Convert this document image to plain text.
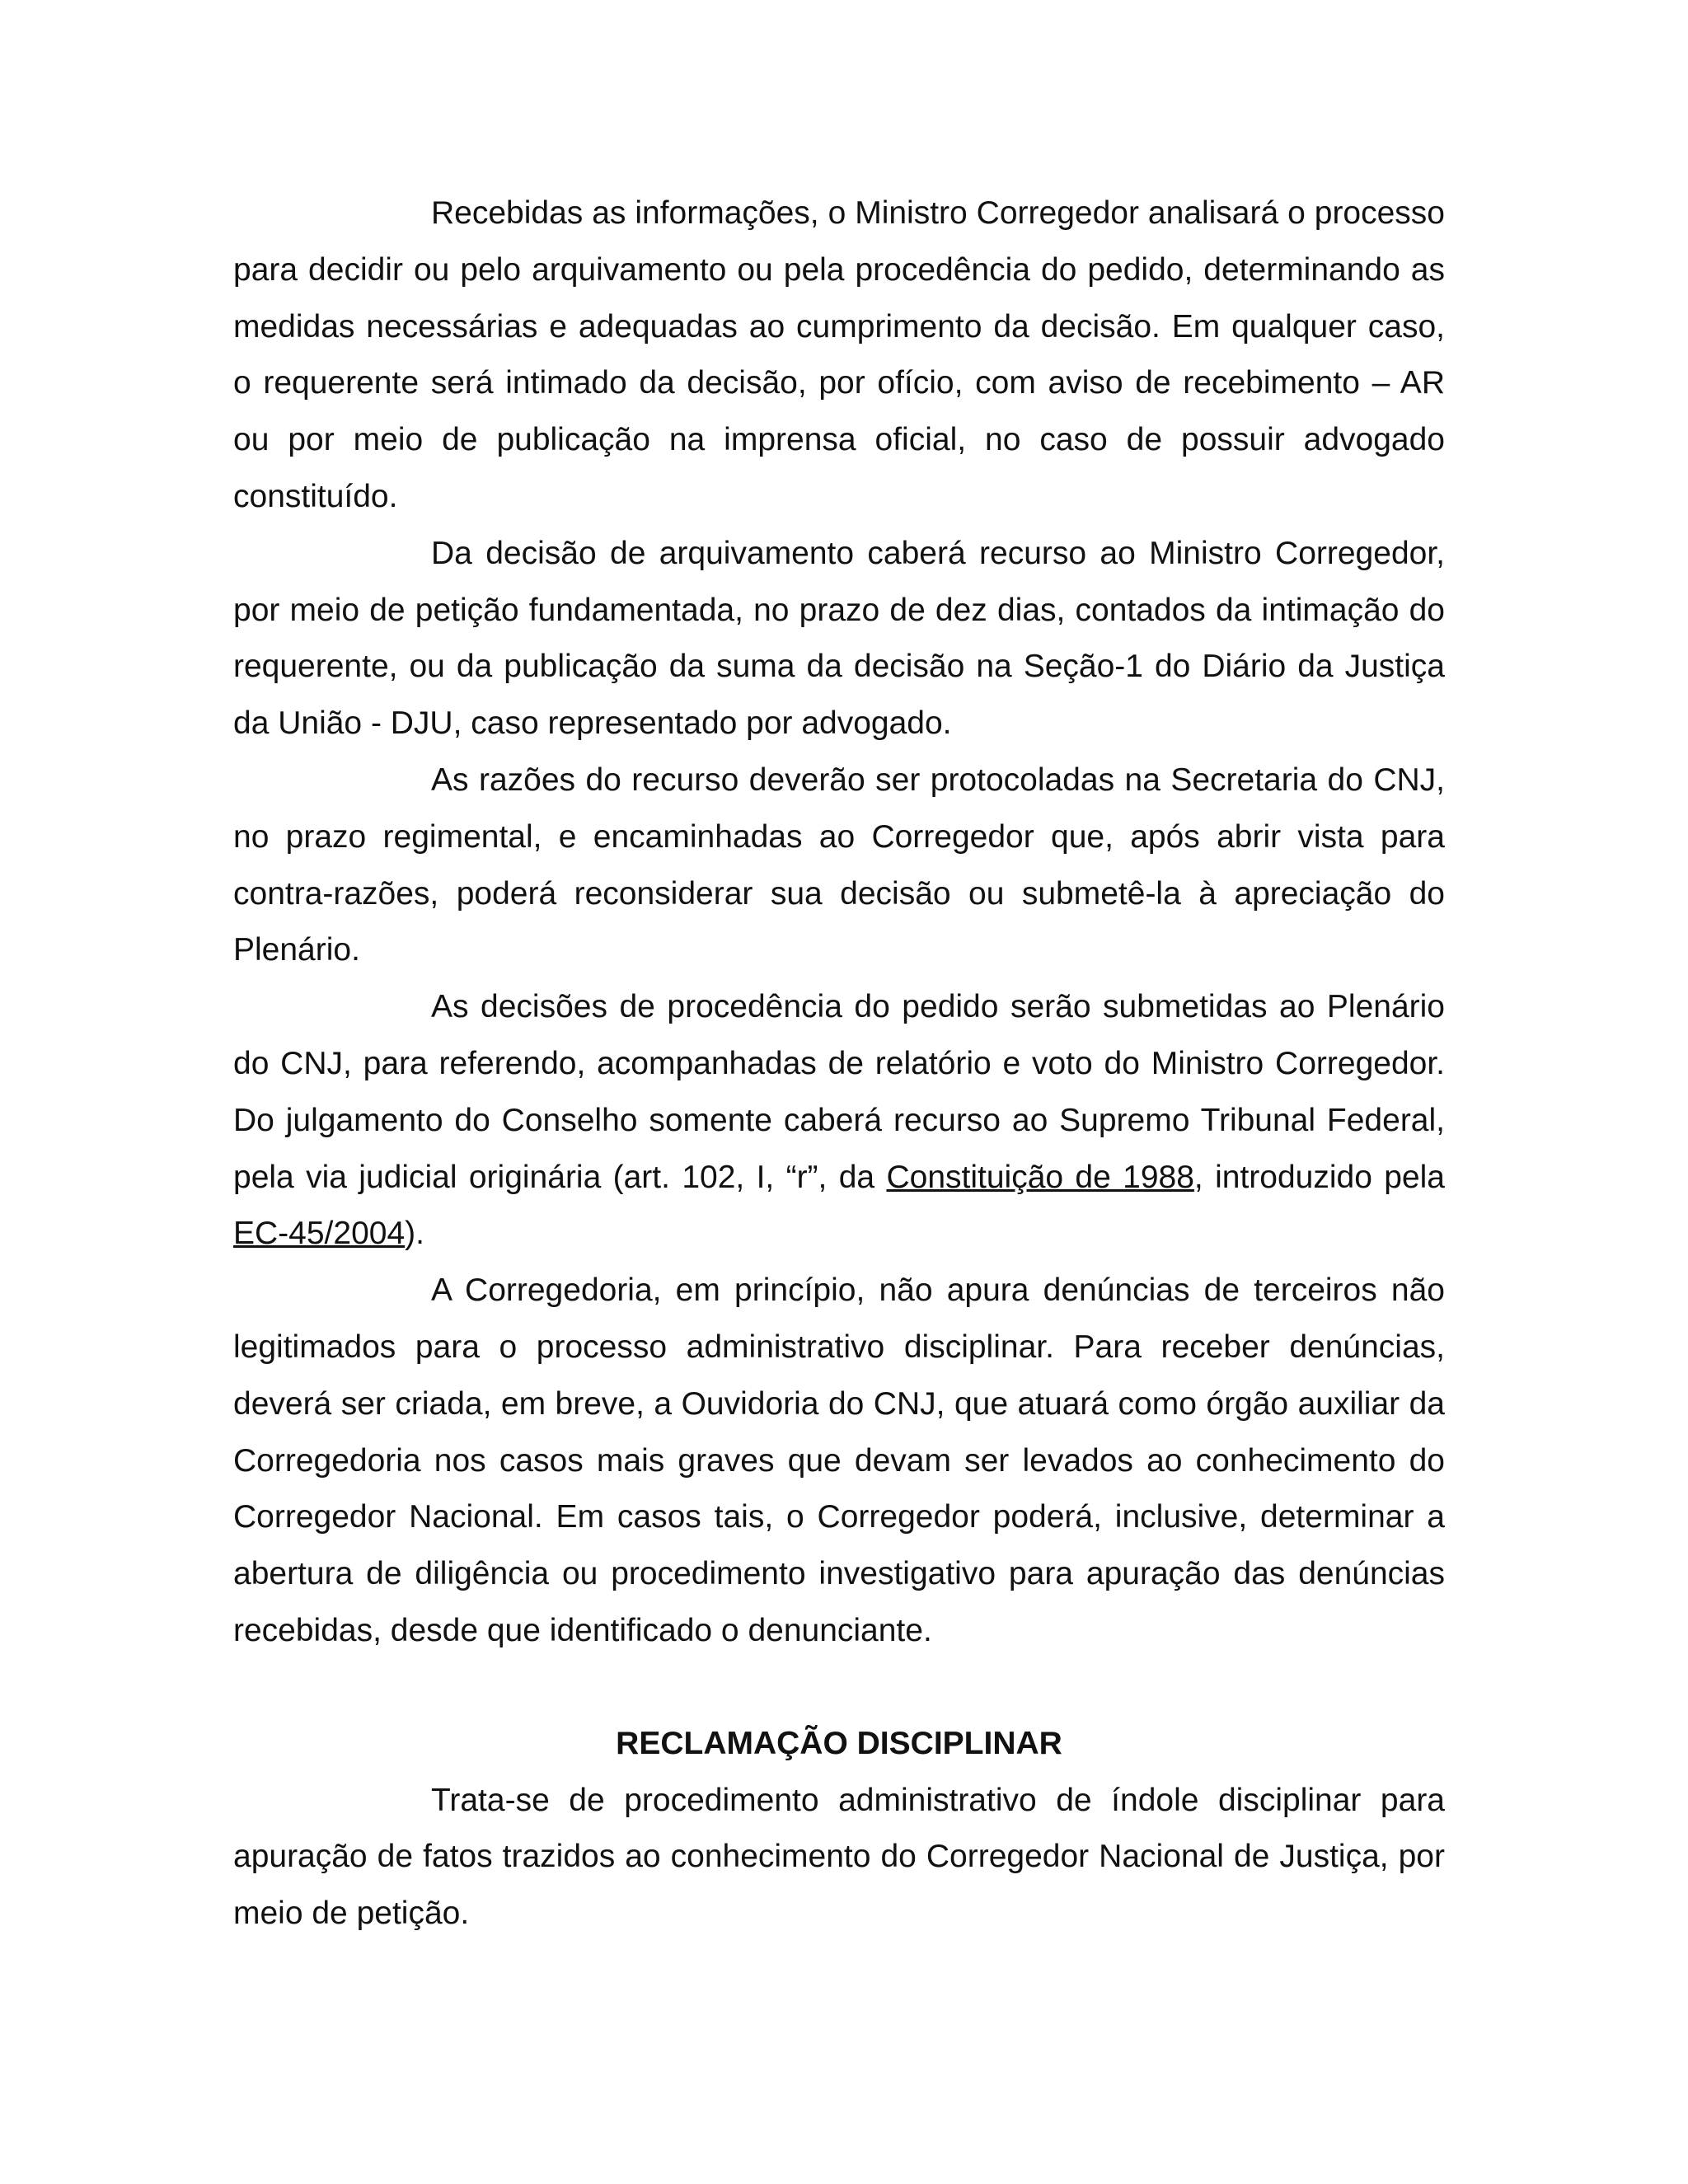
Recebidas as informações, o Ministro Corregedor analisará o processo para decidir ou pelo arquivamento ou pela procedência do pedido, determinando as medidas necessárias e adequadas ao cumprimento da decisão. Em qualquer caso, o requerente será intimado da decisão, por ofício, com aviso de recebimento – AR ou por meio de publicação na imprensa oficial, no caso de possuir advogado constituído.

Da decisão de arquivamento caberá recurso ao Ministro Corregedor, por meio de petição fundamentada, no prazo de dez dias, contados da intimação do requerente, ou da publicação da suma da decisão na Seção-1 do Diário da Justiça da União - DJU, caso representado por advogado.

As razões do recurso deverão ser protocoladas na Secretaria do CNJ, no prazo regimental, e encaminhadas ao Corregedor que, após abrir vista para contra-razões, poderá reconsiderar sua decisão ou submetê-la à apreciação do Plenário.

As decisões de procedência do pedido serão submetidas ao Plenário do CNJ, para referendo, acompanhadas de relatório e voto do Ministro Corregedor. Do julgamento do Conselho somente caberá recurso ao Supremo Tribunal Federal, pela via judicial originária (art. 102, I, “r”, da Constituição de 1988, introduzido pela EC-45/2004).

A Corregedoria, em princípio, não apura denúncias de terceiros não legitimados para o processo administrativo disciplinar. Para receber denúncias, deverá ser criada, em breve, a Ouvidoria do CNJ, que atuará como órgão auxiliar da Corregedoria nos casos mais graves que devam ser levados ao conhecimento do Corregedor Nacional. Em casos tais, o Corregedor poderá, inclusive, determinar a abertura de diligência ou procedimento investigativo para apuração das denúncias recebidas, desde que identificado o denunciante.

RECLAMAÇÃO DISCIPLINAR

Trata-se de procedimento administrativo de índole disciplinar para apuração de fatos trazidos ao conhecimento do Corregedor Nacional de Justiça, por meio de petição.
